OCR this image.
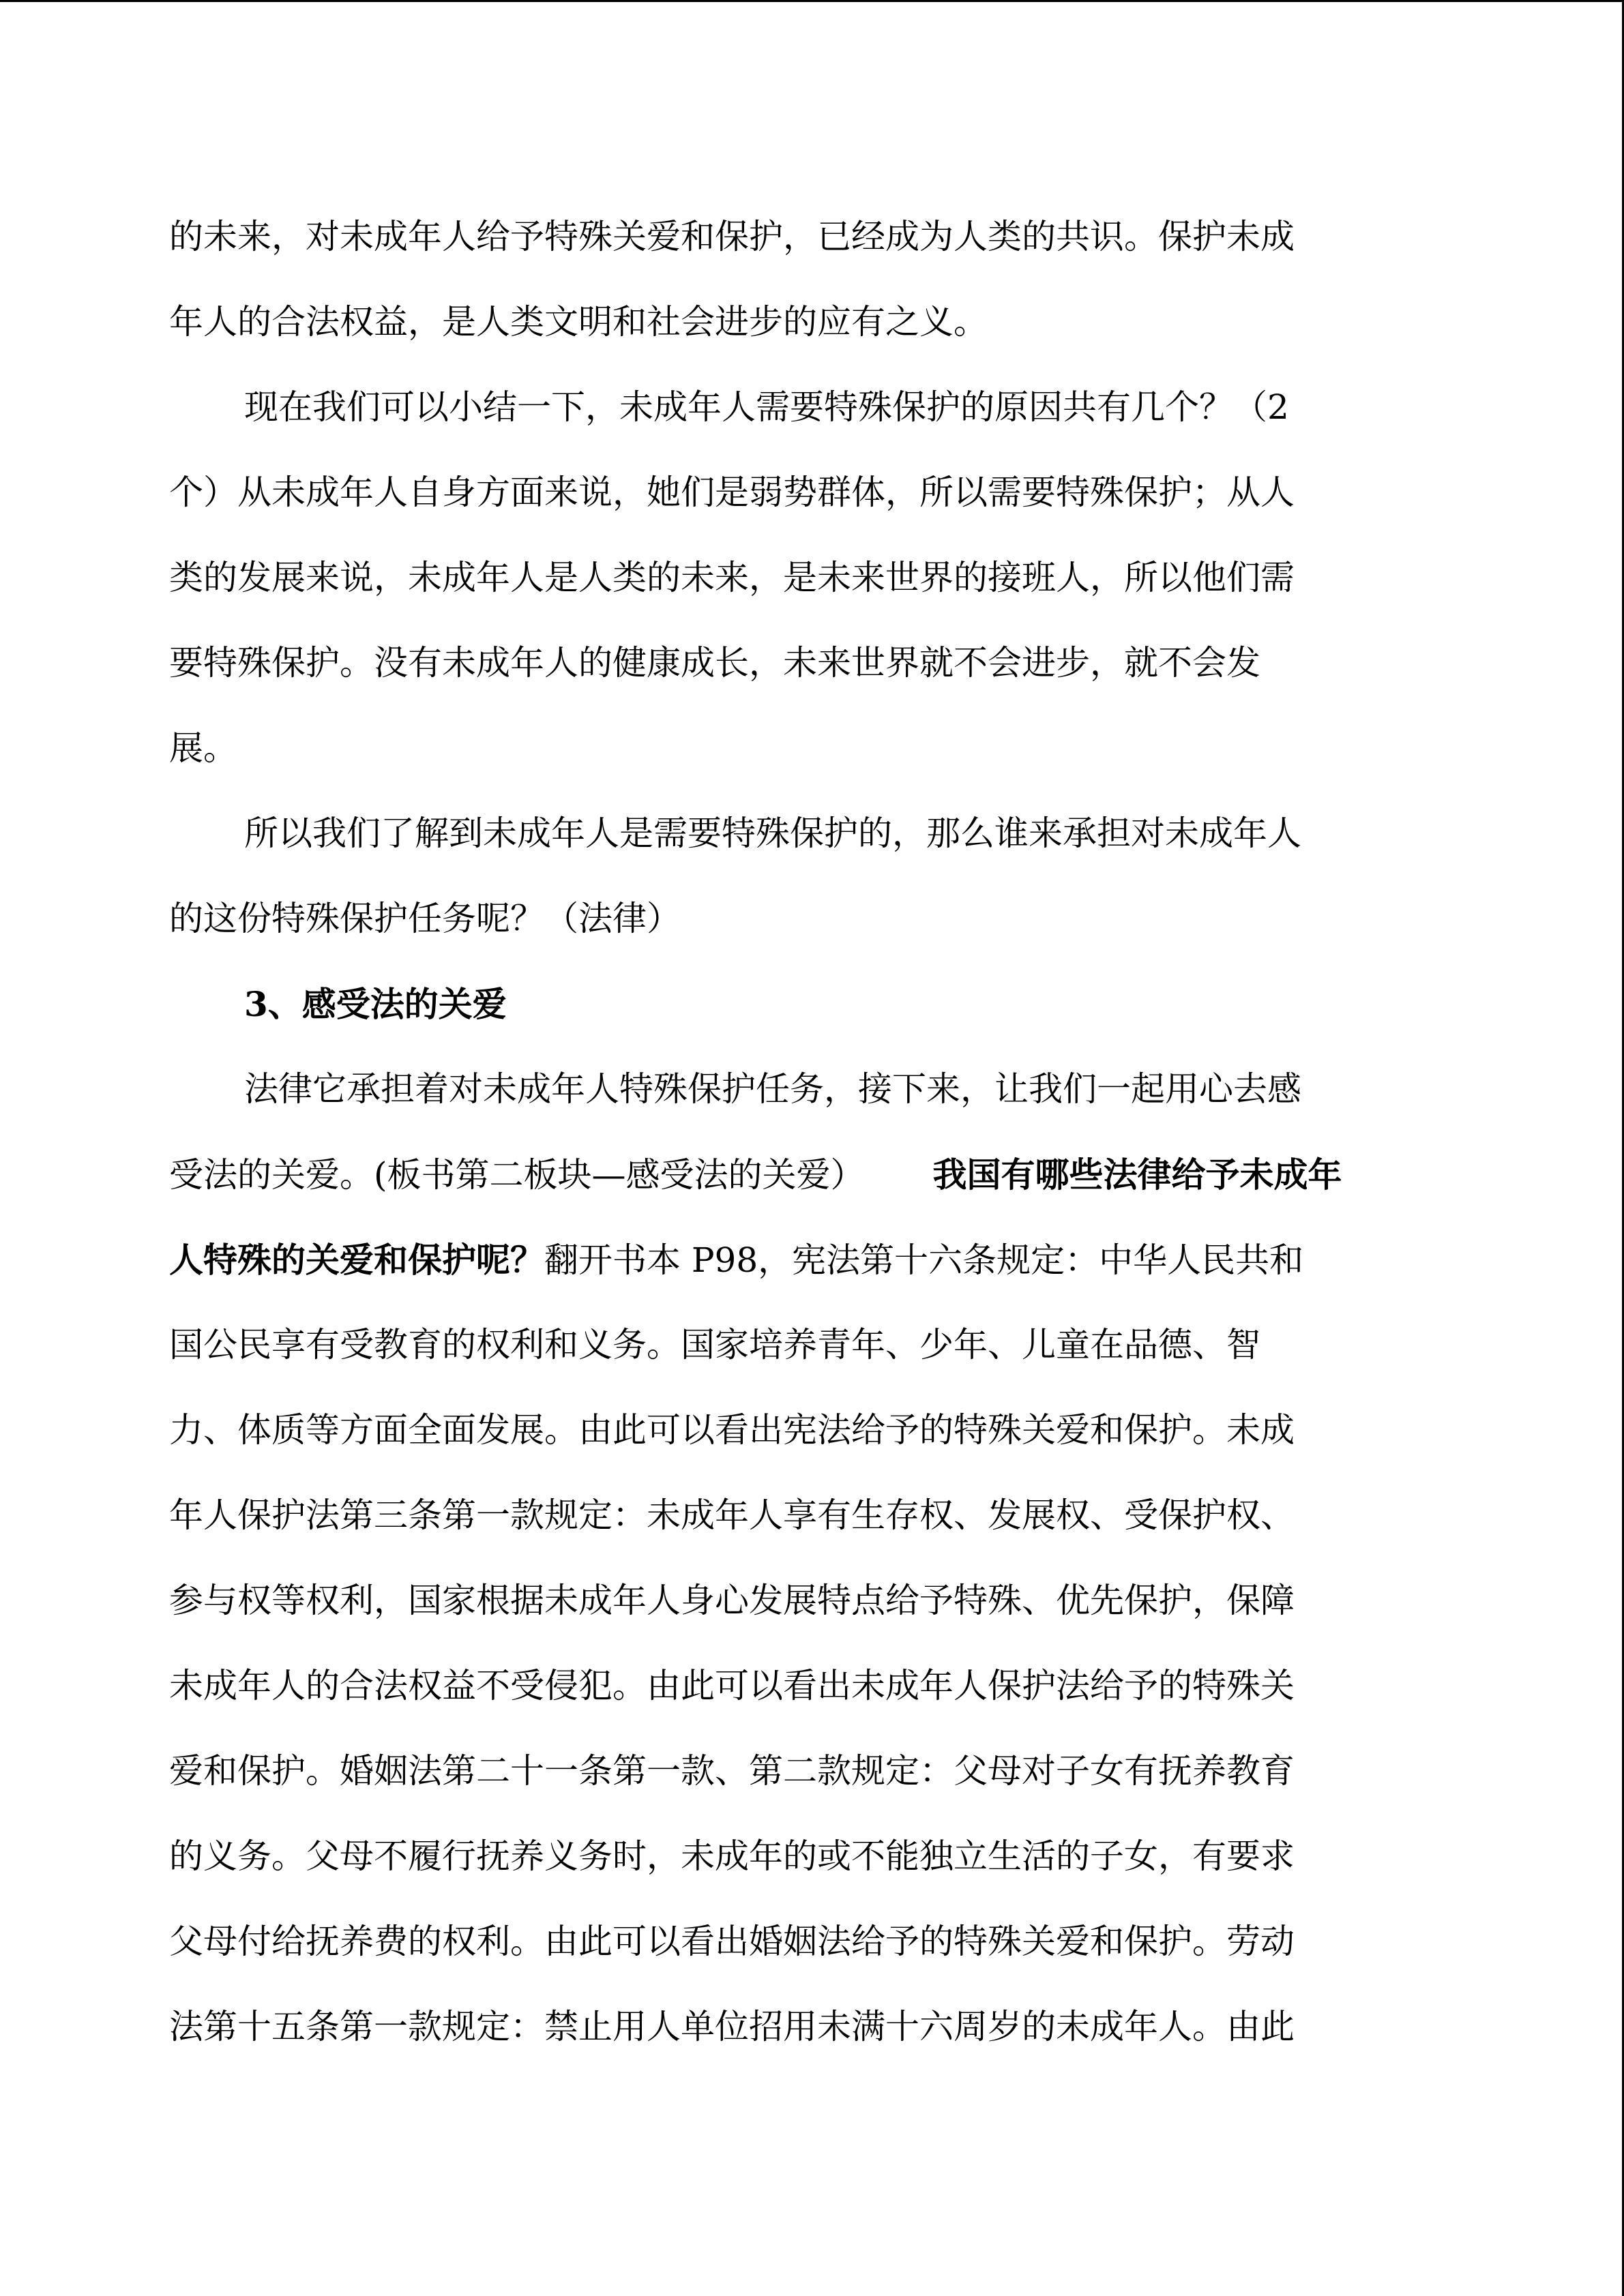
的未来，对未成年人给予特殊关爱和保护，已经成为人类的共识。保护未成
年人的合法权益，是人类文明和社会进步的应有之义。
现在我们可以小结一下，未成年人需要特殊保护的原因共有几个？（2
个）从未成年人自身方面来说，她们是弱势群体，所以需要特殊保护；从人
类的发展来说，未成年人是人类的未来，是未来世界的接班人，所以他们需
要特殊保护。没有未成年人的健康成长，未来世界就不会进步，就不会发
展。
所以我们了解到未成年人是需要特殊保护的，那么谁来承担对未成年人
的这份特殊保护任务呢？（法律）
3、感受法的关爱
法律它承担着对未成年人特殊保护任务，接下来，让我们一起用心去感
受法的关爱。(板书第二板块—感受法的关爱） 我国有哪些法律给予未成年
人特殊的关爱和保护呢？翻开书本 P98，宪法第十六条规定：中华人民共和
国公民享有受教育的权利和义务。国家培养青年、少年、儿童在品德、智
力、体质等方面全面发展。由此可以看出宪法给予的特殊关爱和保护。未成
年人保护法第三条第一款规定：未成年人享有生存权、发展权、受保护权、
参与权等权利，国家根据未成年人身心发展特点给予特殊、优先保护，保障
未成年人的合法权益不受侵犯。由此可以看出未成年人保护法给予的特殊关
爱和保护。婚姻法第二十一条第一款、第二款规定：父母对子女有抚养教育
的义务。父母不履行抚养义务时，未成年的或不能独立生活的子女，有要求
父母付给抚养费的权利。由此可以看出婚姻法给予的特殊关爱和保护。劳动
法第十五条第一款规定：禁止用人单位招用未满十六周岁的未成年人。由此
